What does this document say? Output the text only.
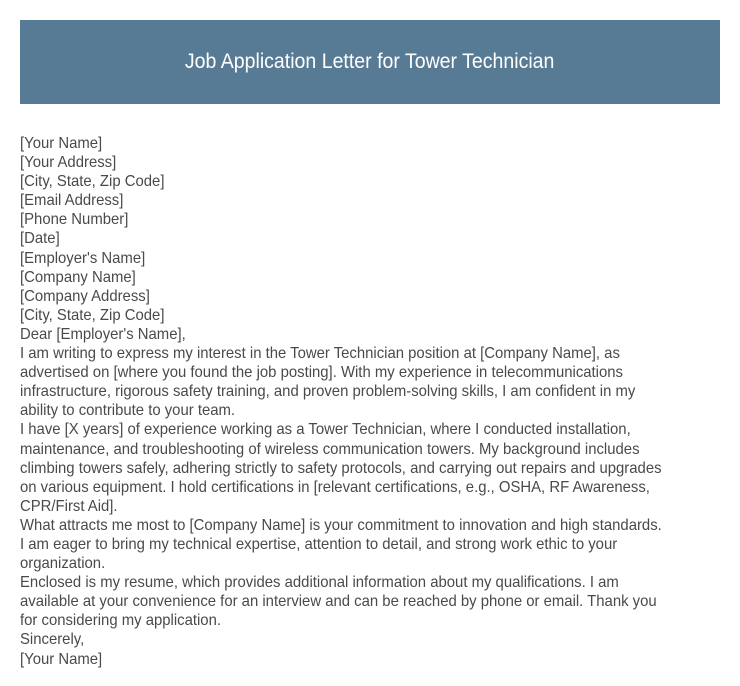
Job Application Letter for Tower Technician
[Your Name]
[Your Address]
[City, State, Zip Code]
[Email Address]
[Phone Number]
[Date]
[Employer's Name]
[Company Name]
[Company Address]
[City, State, Zip Code]
Dear [Employer's Name],
I am writing to express my interest in the Tower Technician position at [Company Name], as
advertised on [where you found the job posting]. With my experience in telecommunications
infrastructure, rigorous safety training, and proven problem-solving skills, I am confident in my
ability to contribute to your team.
I have [X years] of experience working as a Tower Technician, where I conducted installation,
maintenance, and troubleshooting of wireless communication towers. My background includes
climbing towers safely, adhering strictly to safety protocols, and carrying out repairs and upgrades
on various equipment. I hold certifications in [relevant certifications, e.g., OSHA, RF Awareness,
CPR/First Aid].
What attracts me most to [Company Name] is your commitment to innovation and high standards.
I am eager to bring my technical expertise, attention to detail, and strong work ethic to your
organization.
Enclosed is my resume, which provides additional information about my qualifications. I am
available at your convenience for an interview and can be reached by phone or email. Thank you
for considering my application.
Sincerely,
[Your Name]
